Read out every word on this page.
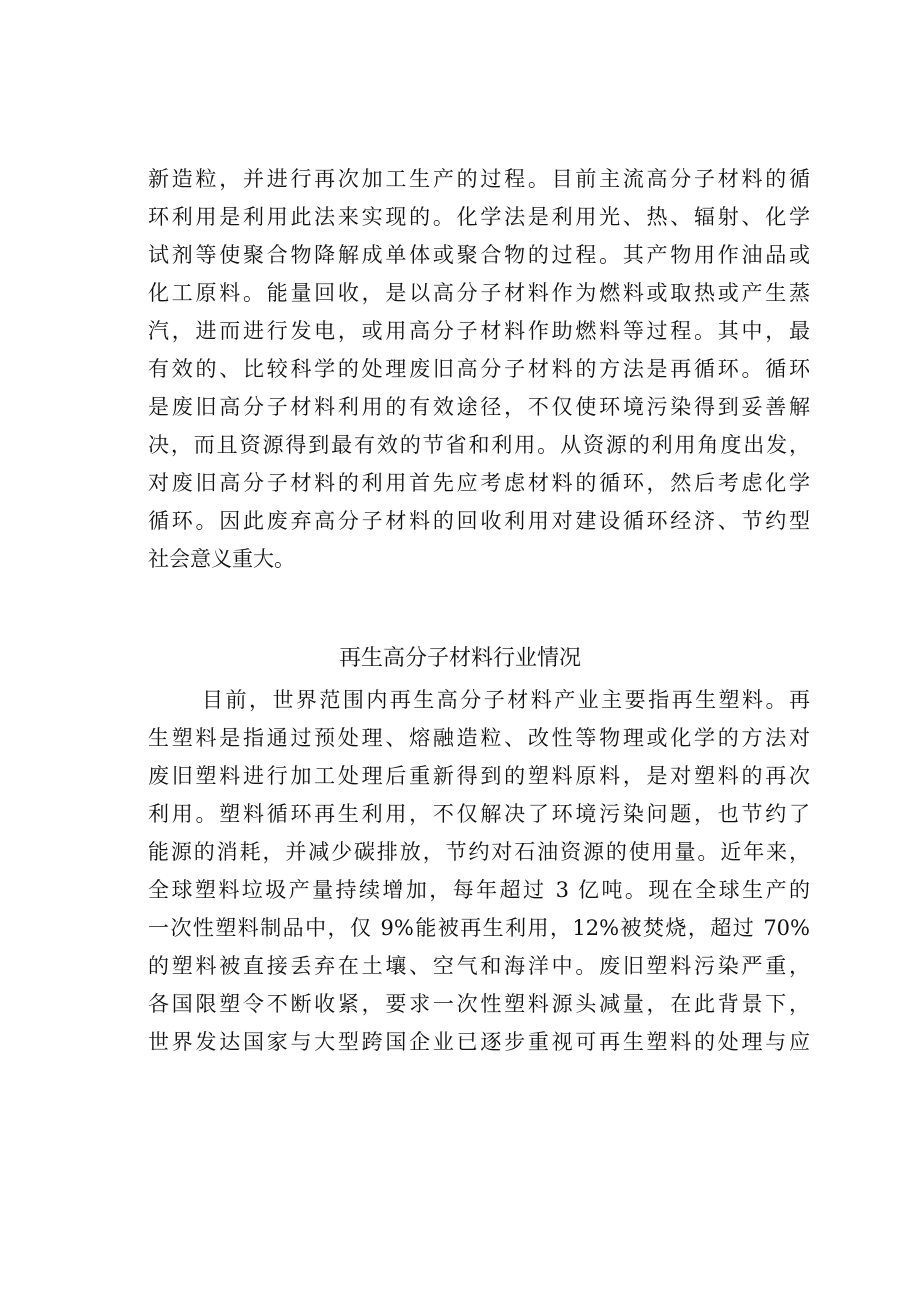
新造粒，并进行再次加工生产的过程。目前主流高分子材料的循
环利用是利用此法来实现的。化学法是利用光、热、辐射、化学
试剂等使聚合物降解成单体或聚合物的过程。其产物用作油品或
化工原料。能量回收，是以高分子材料作为燃料或取热或产生蒸
汽，进而进行发电，或用高分子材料作助燃料等过程。其中，最
有效的、比较科学的处理废旧高分子材料的方法是再循环。循环
是废旧高分子材料利用的有效途径，不仅使环境污染得到妥善解
决，而且资源得到最有效的节省和利用。从资源的利用角度出发，
对废旧高分子材料的利用首先应考虑材料的循环，然后考虑化学
循环。因此废弃高分子材料的回收利用对建设循环经济、节约型
社会意义重大。
再生高分子材料行业情况
目前，世界范围内再生高分子材料产业主要指再生塑料。再
生塑料是指通过预处理、熔融造粒、改性等物理或化学的方法对
废旧塑料进行加工处理后重新得到的塑料原料，是对塑料的再次
利用。塑料循环再生利用，不仅解决了环境污染问题，也节约了
能源的消耗，并减少碳排放，节约对石油资源的使用量。近年来，
全球塑料垃圾产量持续增加，每年超过 3 亿吨。现在全球生产的
一次性塑料制品中，仅 9%能被再生利用，12%被焚烧，超过 70%
的塑料被直接丢弃在土壤、空气和海洋中。废旧塑料污染严重，
各国限塑令不断收紧，要求一次性塑料源头减量，在此背景下，
世界发达国家与大型跨国企业已逐步重视可再生塑料的处理与应
